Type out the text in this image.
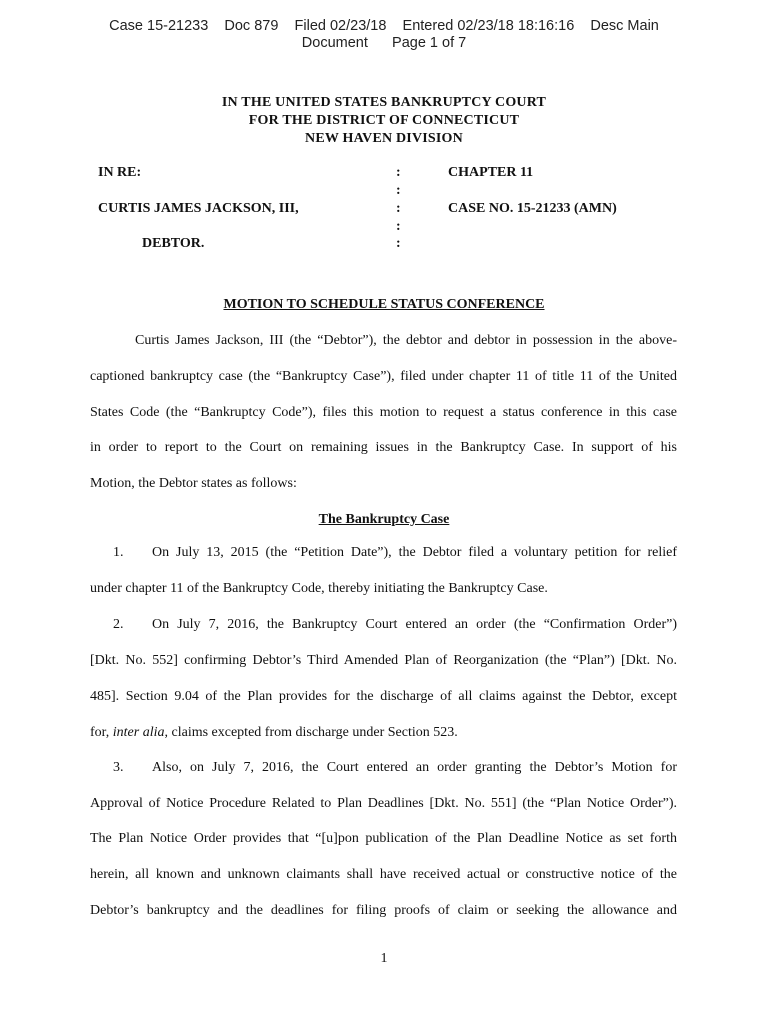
Case 15-21233    Doc 879    Filed 02/23/18    Entered 02/23/18 18:16:16    Desc Main
Document      Page 1 of 7
IN THE UNITED STATES BANKRUPTCY COURT
FOR THE DISTRICT OF CONNECTICUT
NEW HAVEN DIVISION
IN RE:
CURTIS JAMES JACKSON, III,
DEBTOR.
:
:
:
:
:
CHAPTER 11
CASE NO. 15-21233 (AMN)
MOTION TO SCHEDULE STATUS CONFERENCE
Curtis James Jackson, III (the “Debtor”), the debtor and debtor in possession in the above-
captioned bankruptcy case (the “Bankruptcy Case”), filed under chapter 11 of title 11 of the United
States Code (the “Bankruptcy Code”), files this motion to request a status conference in this case
in order to report to the Court on remaining issues in the Bankruptcy Case. In support of his
Motion, the Debtor states as follows:
The Bankruptcy Case
1. On July 13, 2015 (the “Petition Date”), the Debtor filed a voluntary petition for relief
under chapter 11 of the Bankruptcy Code, thereby initiating the Bankruptcy Case.
2. On July 7, 2016, the Bankruptcy Court entered an order (the “Confirmation Order”)
[Dkt. No. 552] confirming Debtor’s Third Amended Plan of Reorganization (the “Plan”) [Dkt. No.
485]. Section 9.04 of the Plan provides for the discharge of all claims against the Debtor, except
for, inter alia, claims excepted from discharge under Section 523.
3. Also, on July 7, 2016, the Court entered an order granting the Debtor’s Motion for
Approval of Notice Procedure Related to Plan Deadlines [Dkt. No. 551] (the “Plan Notice Order”).
The Plan Notice Order provides that “[u]pon publication of the Plan Deadline Notice as set forth
herein, all known and unknown claimants shall have received actual or constructive notice of the
Debtor’s bankruptcy and the deadlines for filing proofs of claim or seeking the allowance and
1
